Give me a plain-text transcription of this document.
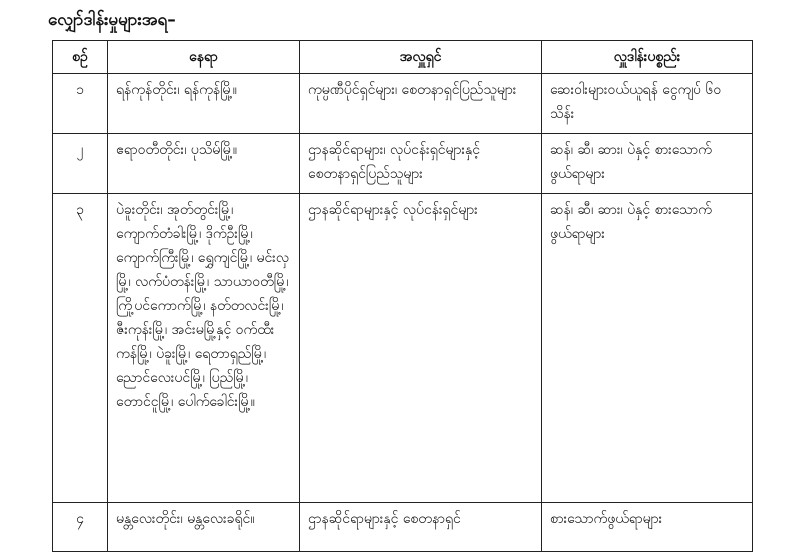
လျှော်ဒါန်းမှုများအရ–
စဉ်	နေရာ	အလှူရှင်	လှူဒါန်းပစ္စည်း
၁	ရန်ကုန်တိုင်း၊ ရန်ကုန်မြို့။	ကုမ္ပဏီပိုင်ရှင်များ၊ စေတနာရှင်ပြည်သူများ	ဆေးဝါးများဝယ်ယူရန် ငွေကျပ် ၆၀ သိန်း
၂	ဧရာဝတီတိုင်း၊ ပုသိမ်မြို့။	ဌာနဆိုင်ရာများ၊ လုပ်ငန်းရှင်များနှင့်စေတနာရှင်ပြည်သူများ	ဆန်၊ ဆီ၊ ဆား၊ ပဲနှင့် စားသောက်ဖွယ်ရာများ
၃	ပဲခူးတိုင်း၊ အုတ်တွင်းမြို့၊ ကျောက်တံခါးမြို့၊ ဒိုက်ဦးမြို့၊ ကျောက်ကြီးမြို့၊ ရွှေကျင်မြို့၊ မင်းလှမြို့၊ လက်ပံတန်းမြို့၊ သာယာဝတီမြို့၊ ကြို့ပင်ကောက်မြို့၊ နတ်တလင်းမြို့၊ ဇီးကုန်းမြို့၊ အင်းမမြို့နှင့် ဝက်ထီးကန်မြို့၊ ပဲခူးမြို့၊ ရေတာရှည်မြို့၊ ညောင်လေးပင်မြို့၊ ပြည်မြို့၊ တောင်ငူမြို့၊ ပေါက်ခေါင်းမြို့။	ဌာနဆိုင်ရာများနှင့် လုပ်ငန်းရှင်များ	ဆန်၊ ဆီ၊ ဆား၊ ပဲနှင့် စားသောက်ဖွယ်ရာများ
၄	မန္တလေးတိုင်း၊ မန္တလေးခရိုင်။	ဌာနဆိုင်ရာများနှင့် စေတနာရှင်	စားသောက်ဖွယ်ရာများ
